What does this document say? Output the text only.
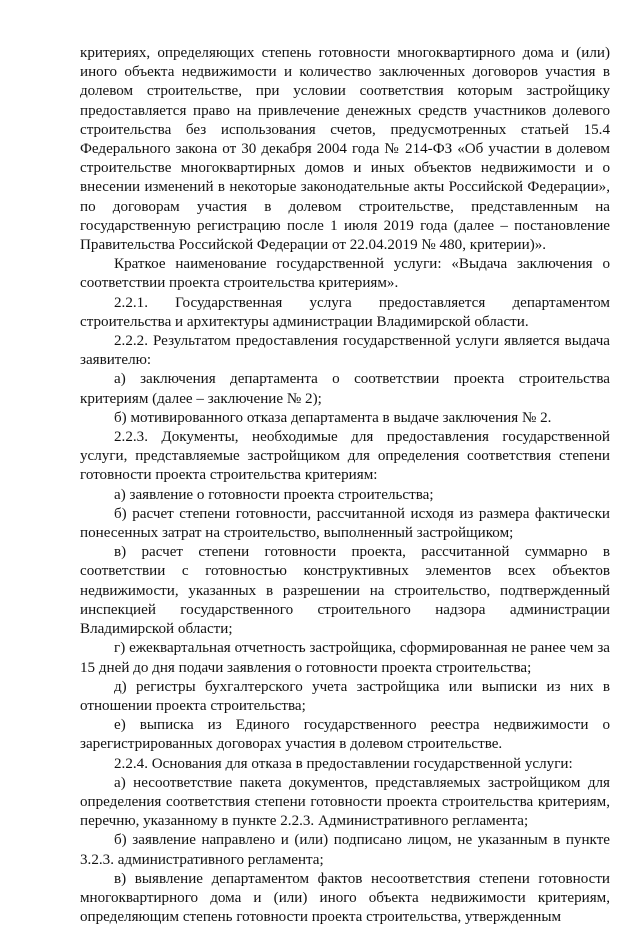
критериях, определяющих степень готовности многоквартирного дома и (или) иного объекта недвижимости и количество заключенных договоров участия в долевом строительстве, при условии соответствия которым застройщику предоставляется право на привлечение денежных средств участников долевого строительства без использования счетов, предусмотренных статьей 15.4 Федерального закона от 30 декабря 2004 года № 214-ФЗ «Об участии в долевом строительстве многоквартирных домов и иных объектов недвижимости и о внесении изменений в некоторые законодательные акты Российской Федерации», по договорам участия в долевом строительстве, представленным на государственную регистрацию после 1 июля 2019 года (далее – постановление Правительства Российской Федерации от 22.04.2019 № 480, критерии)».

Краткое наименование государственной услуги: «Выдача заключения о соответствии проекта строительства критериям».

2.2.1. Государственная услуга предоставляется департаментом строительства и архитектуры администрации Владимирской области.

2.2.2. Результатом предоставления государственной услуги является выдача заявителю:

а) заключения департамента о соответствии проекта строительства критериям (далее – заключение № 2);

б) мотивированного отказа департамента в выдаче заключения № 2.

2.2.3. Документы, необходимые для предоставления государственной услуги, представляемые застройщиком для определения соответствия степени готовности проекта строительства критериям:

а) заявление о готовности проекта строительства;

б) расчет степени готовности, рассчитанной исходя из размера фактически понесенных затрат на строительство, выполненный застройщиком;

в) расчет степени готовности проекта, рассчитанной суммарно в соответствии с готовностью конструктивных элементов всех объектов недвижимости, указанных в разрешении на строительство, подтвержденный инспекцией государственного строительного надзора администрации Владимирской области;

г) ежеквартальная отчетность застройщика, сформированная не ранее чем за 15 дней до дня подачи заявления о готовности проекта строительства;

д) регистры бухгалтерского учета застройщика или выписки из них в отношении проекта строительства;

е) выписка из Единого государственного реестра недвижимости о зарегистрированных договорах участия в долевом строительстве.

2.2.4. Основания для отказа в предоставлении государственной услуги:

а) несоответствие пакета документов, представляемых застройщиком для определения соответствия степени готовности проекта строительства критериям, перечню, указанному в пункте 2.2.3. Административного регламента;

б) заявление направлено и (или) подписано лицом, не указанным в пункте 3.2.3. административного регламента;

в) выявление департаментом фактов несоответствия степени готовности многоквартирного дома и (или) иного объекта недвижимости критериям, определяющим степень готовности проекта строительства, утвержденным
